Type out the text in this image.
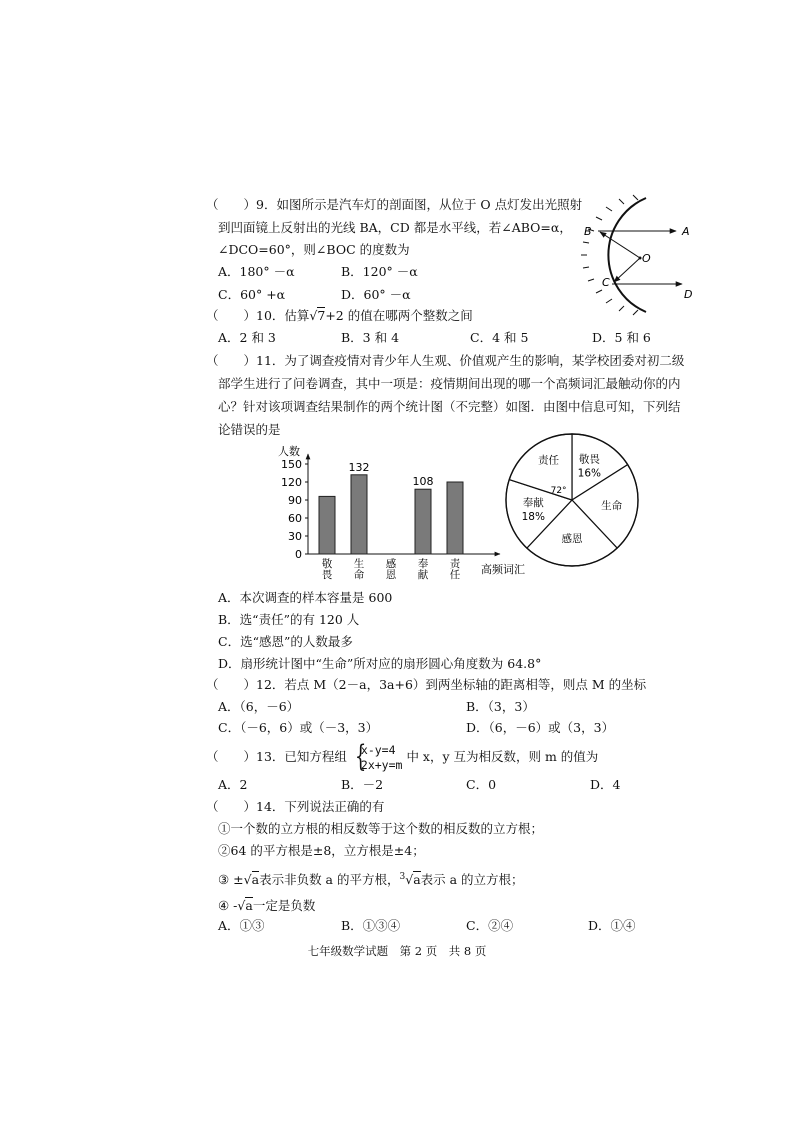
（　　）9．如图所示是汽车灯的剖面图，从位于 O 点灯发出光照射
到凹面镜上反射出的光线 BA，CD 都是水平线，若∠ABO=α，
∠DCO=60°，则∠BOC 的度数为
A．180° －α	B．120° －α
C．60° +α	D．60° －α
B	A
O
C
D
（　　）10．估算√7+2 的值在哪两个整数之间
A．2 和 3	B．3 和 4	C．4 和 5	D．5 和 6
（　　）11．为了调查疫情对青少年人生观、价值观产生的影响，某学校团委对初二级
部学生进行了问卷调查，其中一项是：疫情期间出现的哪一个高频词汇最触动你的内
心？针对该项调查结果制作的两个统计图（不完整）如图．由图中信息可知，下列结
论错误的是
人数
高频词汇
0
30
60
90
120
150
敬
畏
132
生
命
感
恩
108
奉
献
责
任
敬畏
16%
生命
感恩
奉献
18%
责任
72°
A．本次调查的样本容量是 600
B．选“责任”的有 120 人
C．选“感恩”的人数最多
D．扇形统计图中“生命”所对应的扇形圆心角度数为 64.8°
（　　）12．若点 M（2－a，3a+6）到两坐标轴的距离相等，则点 M 的坐标
A．（6，－6）	B．（3，3）
C．（－6，6）或（－3，3）	D．（6，－6）或（3，3）
（　　）13．已知方程组 {
x-y=4
2x+y=m
中 x，y 互为相反数，则 m 的值为
A．2	B．－2	C．0	D．4
（　　）14．下列说法正确的有
①一个数的立方根的相反数等于这个数的相反数的立方根；
②64 的平方根是±8，立方根是±4；
③ ±√a表示非负数 a 的平方根，$^3$√a表示 a 的立方根；
④ -√a一定是负数
A．①③	B．①③④	C．②④	D．①④
七年级数学试题　第 2 页　共 8 页
